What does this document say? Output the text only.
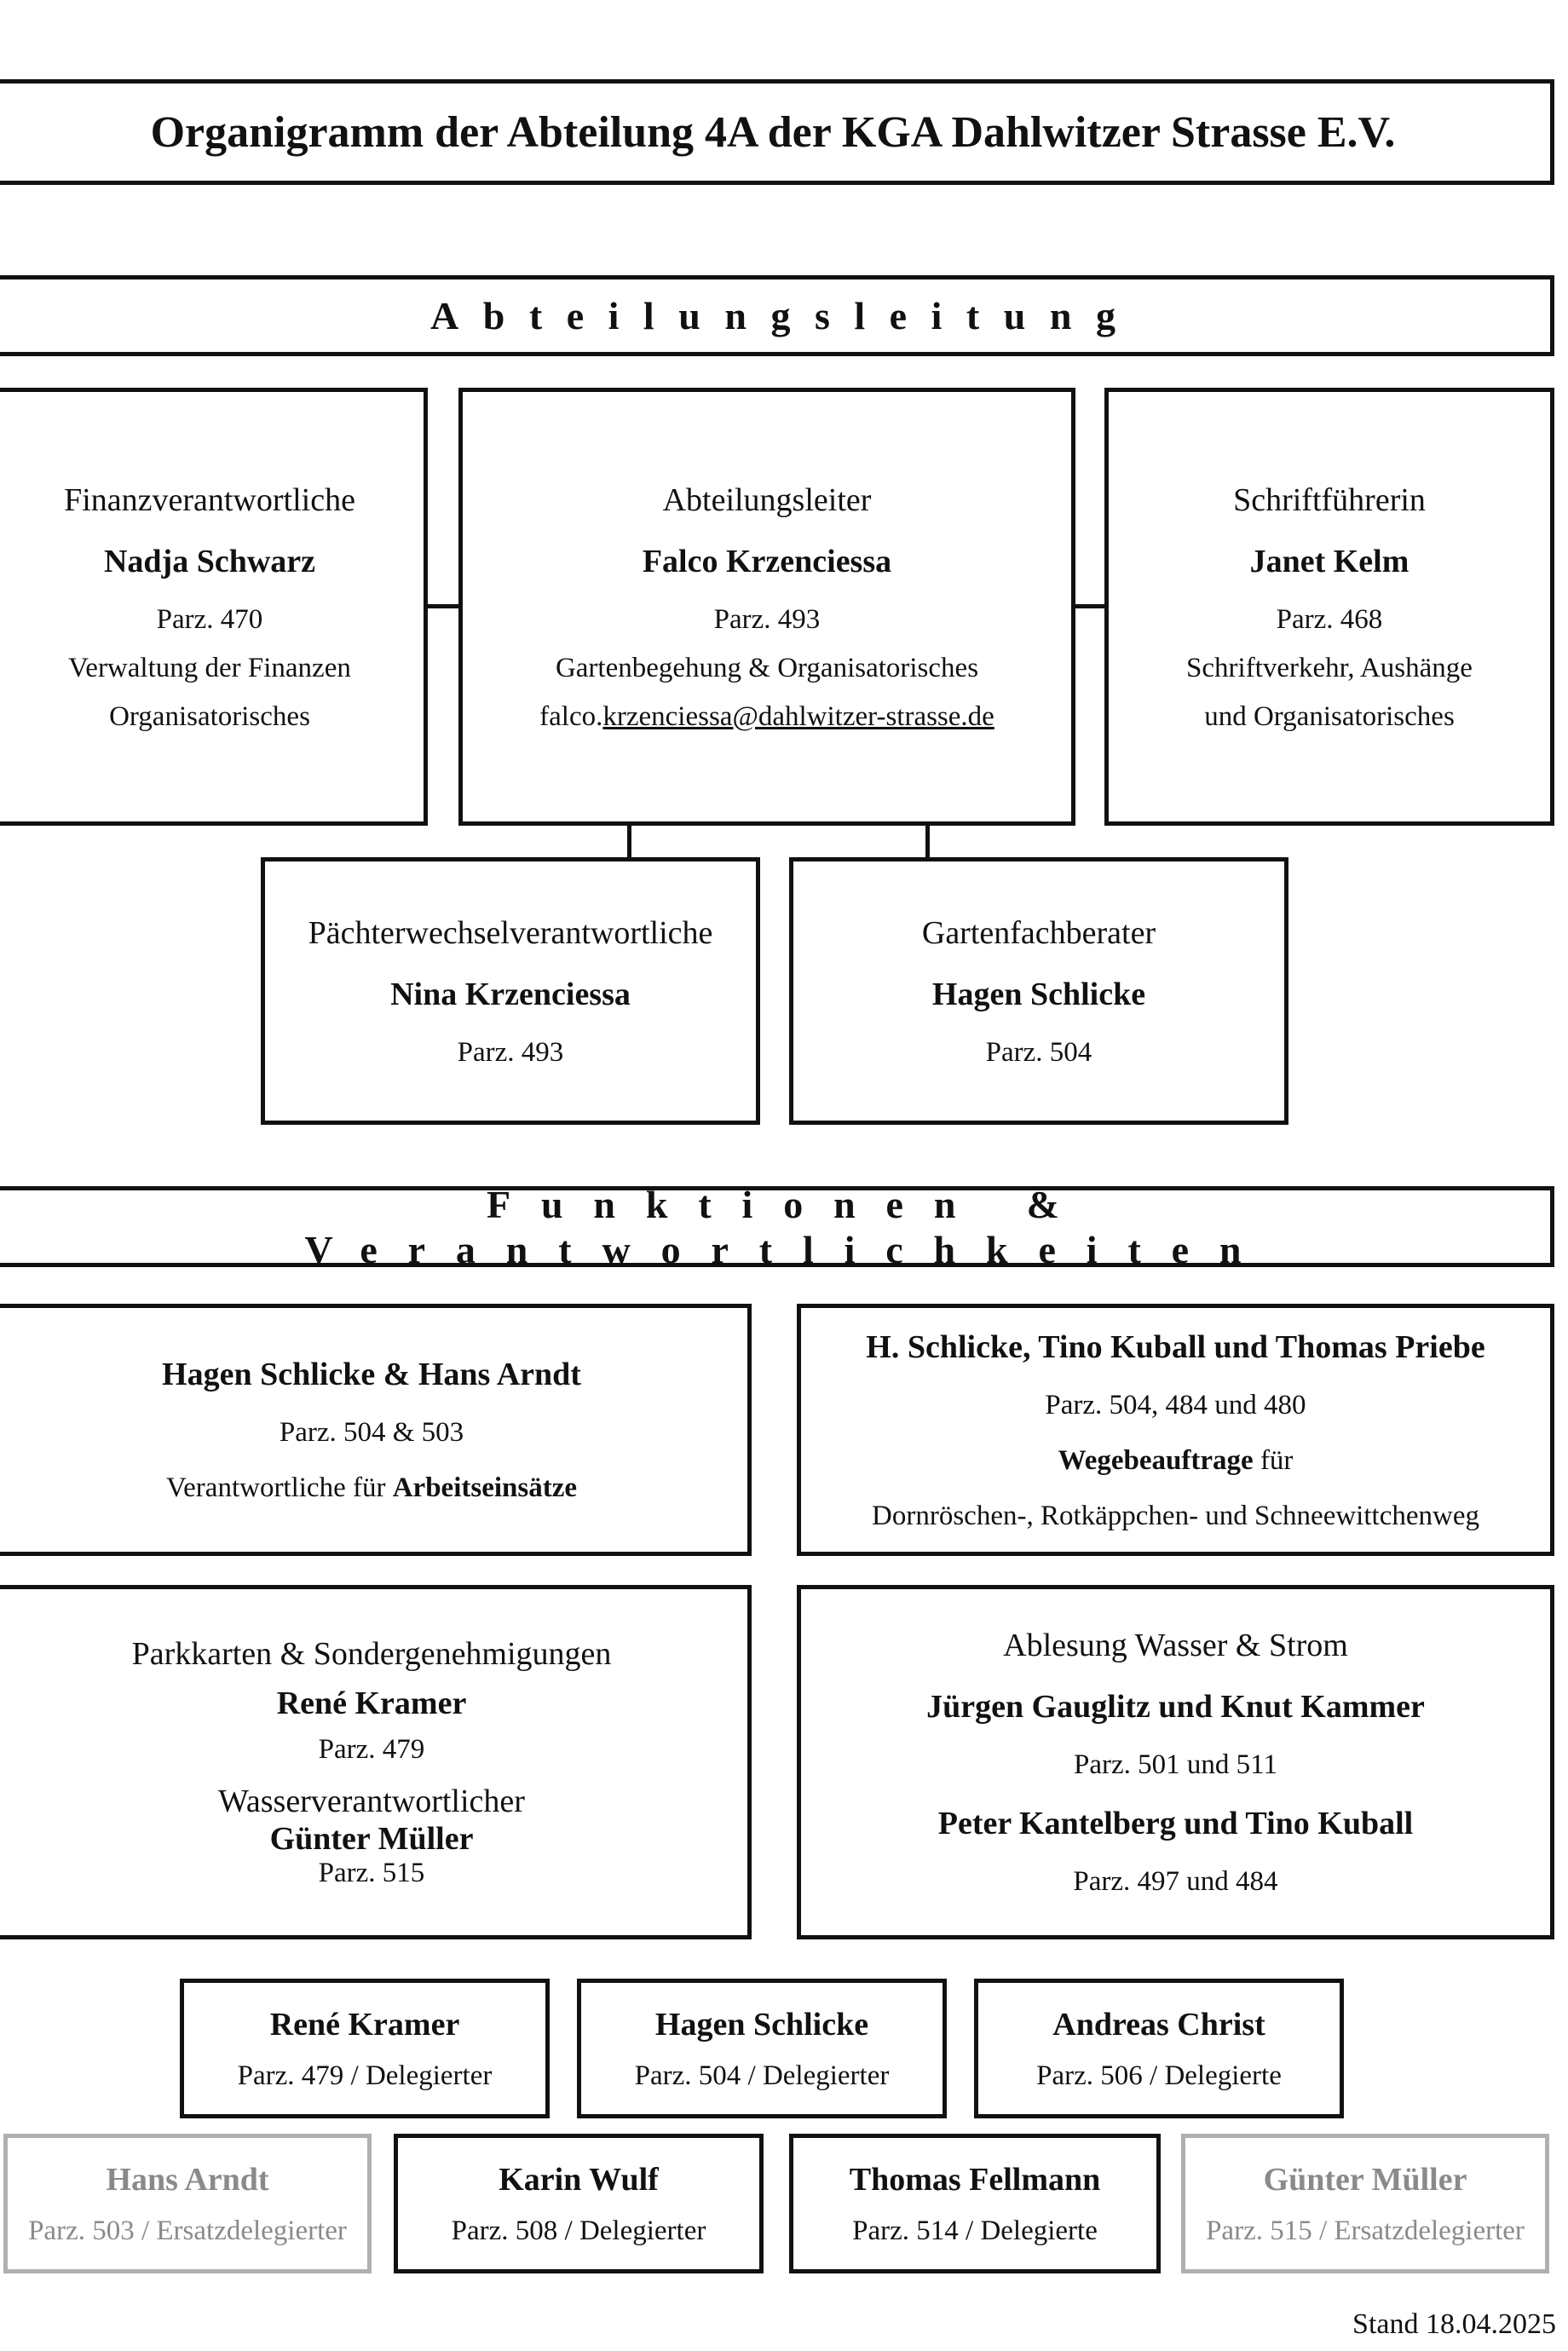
Organigramm der Abteilung 4A der KGA Dahlwitzer Strasse E.V.
Abteilungsleitung
Finanzverantwortliche
Nadja Schwarz
Parz. 470
Verwaltung der Finanzen
Organisatorisches
Abteilungsleiter
Falco Krzenciessa
Parz. 493
Gartenbegehung & Organisatorisches
falco.krzenciessa@dahlwitzer-strasse.de
Schriftführerin
Janet Kelm
Parz. 468
Schriftverkehr, Aushänge
und Organisatorisches
Pächterwechselverantwortliche
Nina Krzenciessa
Parz. 493
Gartenfachberater
Hagen Schlicke
Parz. 504
Funktionen & Verantwortlichkeiten
Hagen Schlicke & Hans Arndt
Parz. 504 & 503
Verantwortliche für Arbeitseinsätze
H. Schlicke, Tino Kuball und Thomas Priebe
Parz. 504, 484 und 480
Wegebeauftrage für
Dornröschen-, Rotkäppchen- und Schneewittchenweg
Parkkarten & Sondergenehmigungen
René Kramer
Parz. 479
Wasserverantwortlicher
Günter Müller
Parz. 515
Ablesung Wasser & Strom
Jürgen Gauglitz und Knut Kammer
Parz. 501 und 511
Peter Kantelberg und Tino Kuball
Parz. 497 und 484
René Kramer
Parz. 479 / Delegierter
Hagen Schlicke
Parz. 504 / Delegierter
Andreas Christ
Parz. 506 / Delegierte
Hans Arndt
Parz. 503 / Ersatzdelegierter
Karin Wulf
Parz. 508 / Delegierter
Thomas Fellmann
Parz. 514 / Delegierte
Günter Müller
Parz. 515 / Ersatzdelegierter
Stand 18.04.2025
